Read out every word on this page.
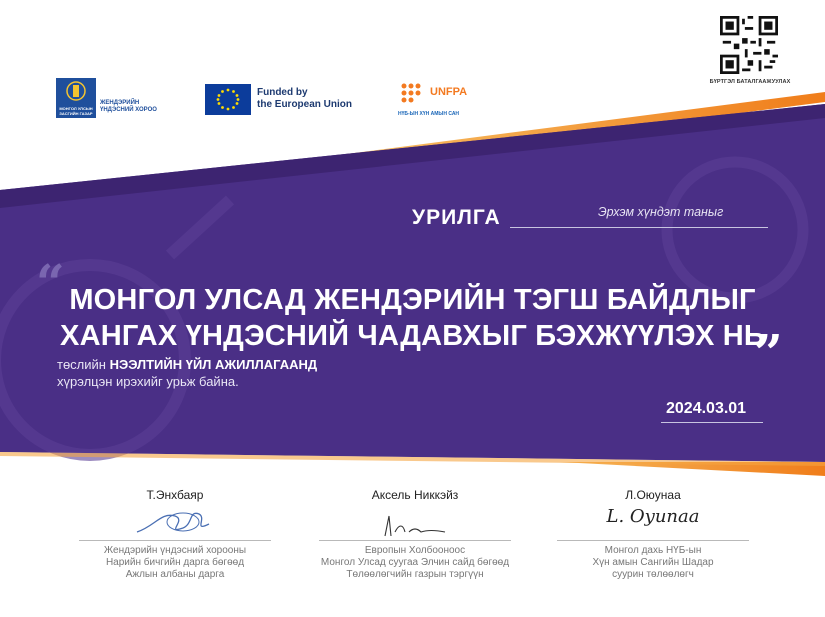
“
”
МОНГОЛ УЛСЫН ЗАСГИЙН ГАЗАР
ЖЕНДЭРИЙН
ҮНДЭСНИЙ ХОРОО
Funded by
the European Union
UNFPA
НҮБ-ЫН ХҮН АМЫН САН
БҮРТГЭЛ БАТАЛГААЖУУЛАХ
УРИЛГА	Эрхэм хүндэт таныг
МОНГОЛ УЛСАД ЖЕНДЭРИЙН ТЭГШ БАЙДЛЫГ
ХАНГАХ ҮНДЭСНИЙ ЧАДАВХЫГ БЭХЖҮҮЛЭХ НЬ
төслийн НЭЭЛТИЙН ҮЙЛ АЖИЛЛАГААНД
хүрэлцэн ирэхийг урьж байна.
2024.03.01
Т.Энхбаяр
Жендэрийн үндэсний хорооны
Нарийн бичгийн дарга бөгөөд
Ажлын албаны дарга
Аксель Никкэйз
Европын Холбооноос
Монгол Улсад суугаа Элчин сайд бөгөөд
Төлөөлөгчийн газрын тэргүүн
Л.Оюунаа
L. Oyunaa
Монгол дахь НҮБ-ын
Хүн амын Сангийн Шадар
суурин төлөөлөгч
